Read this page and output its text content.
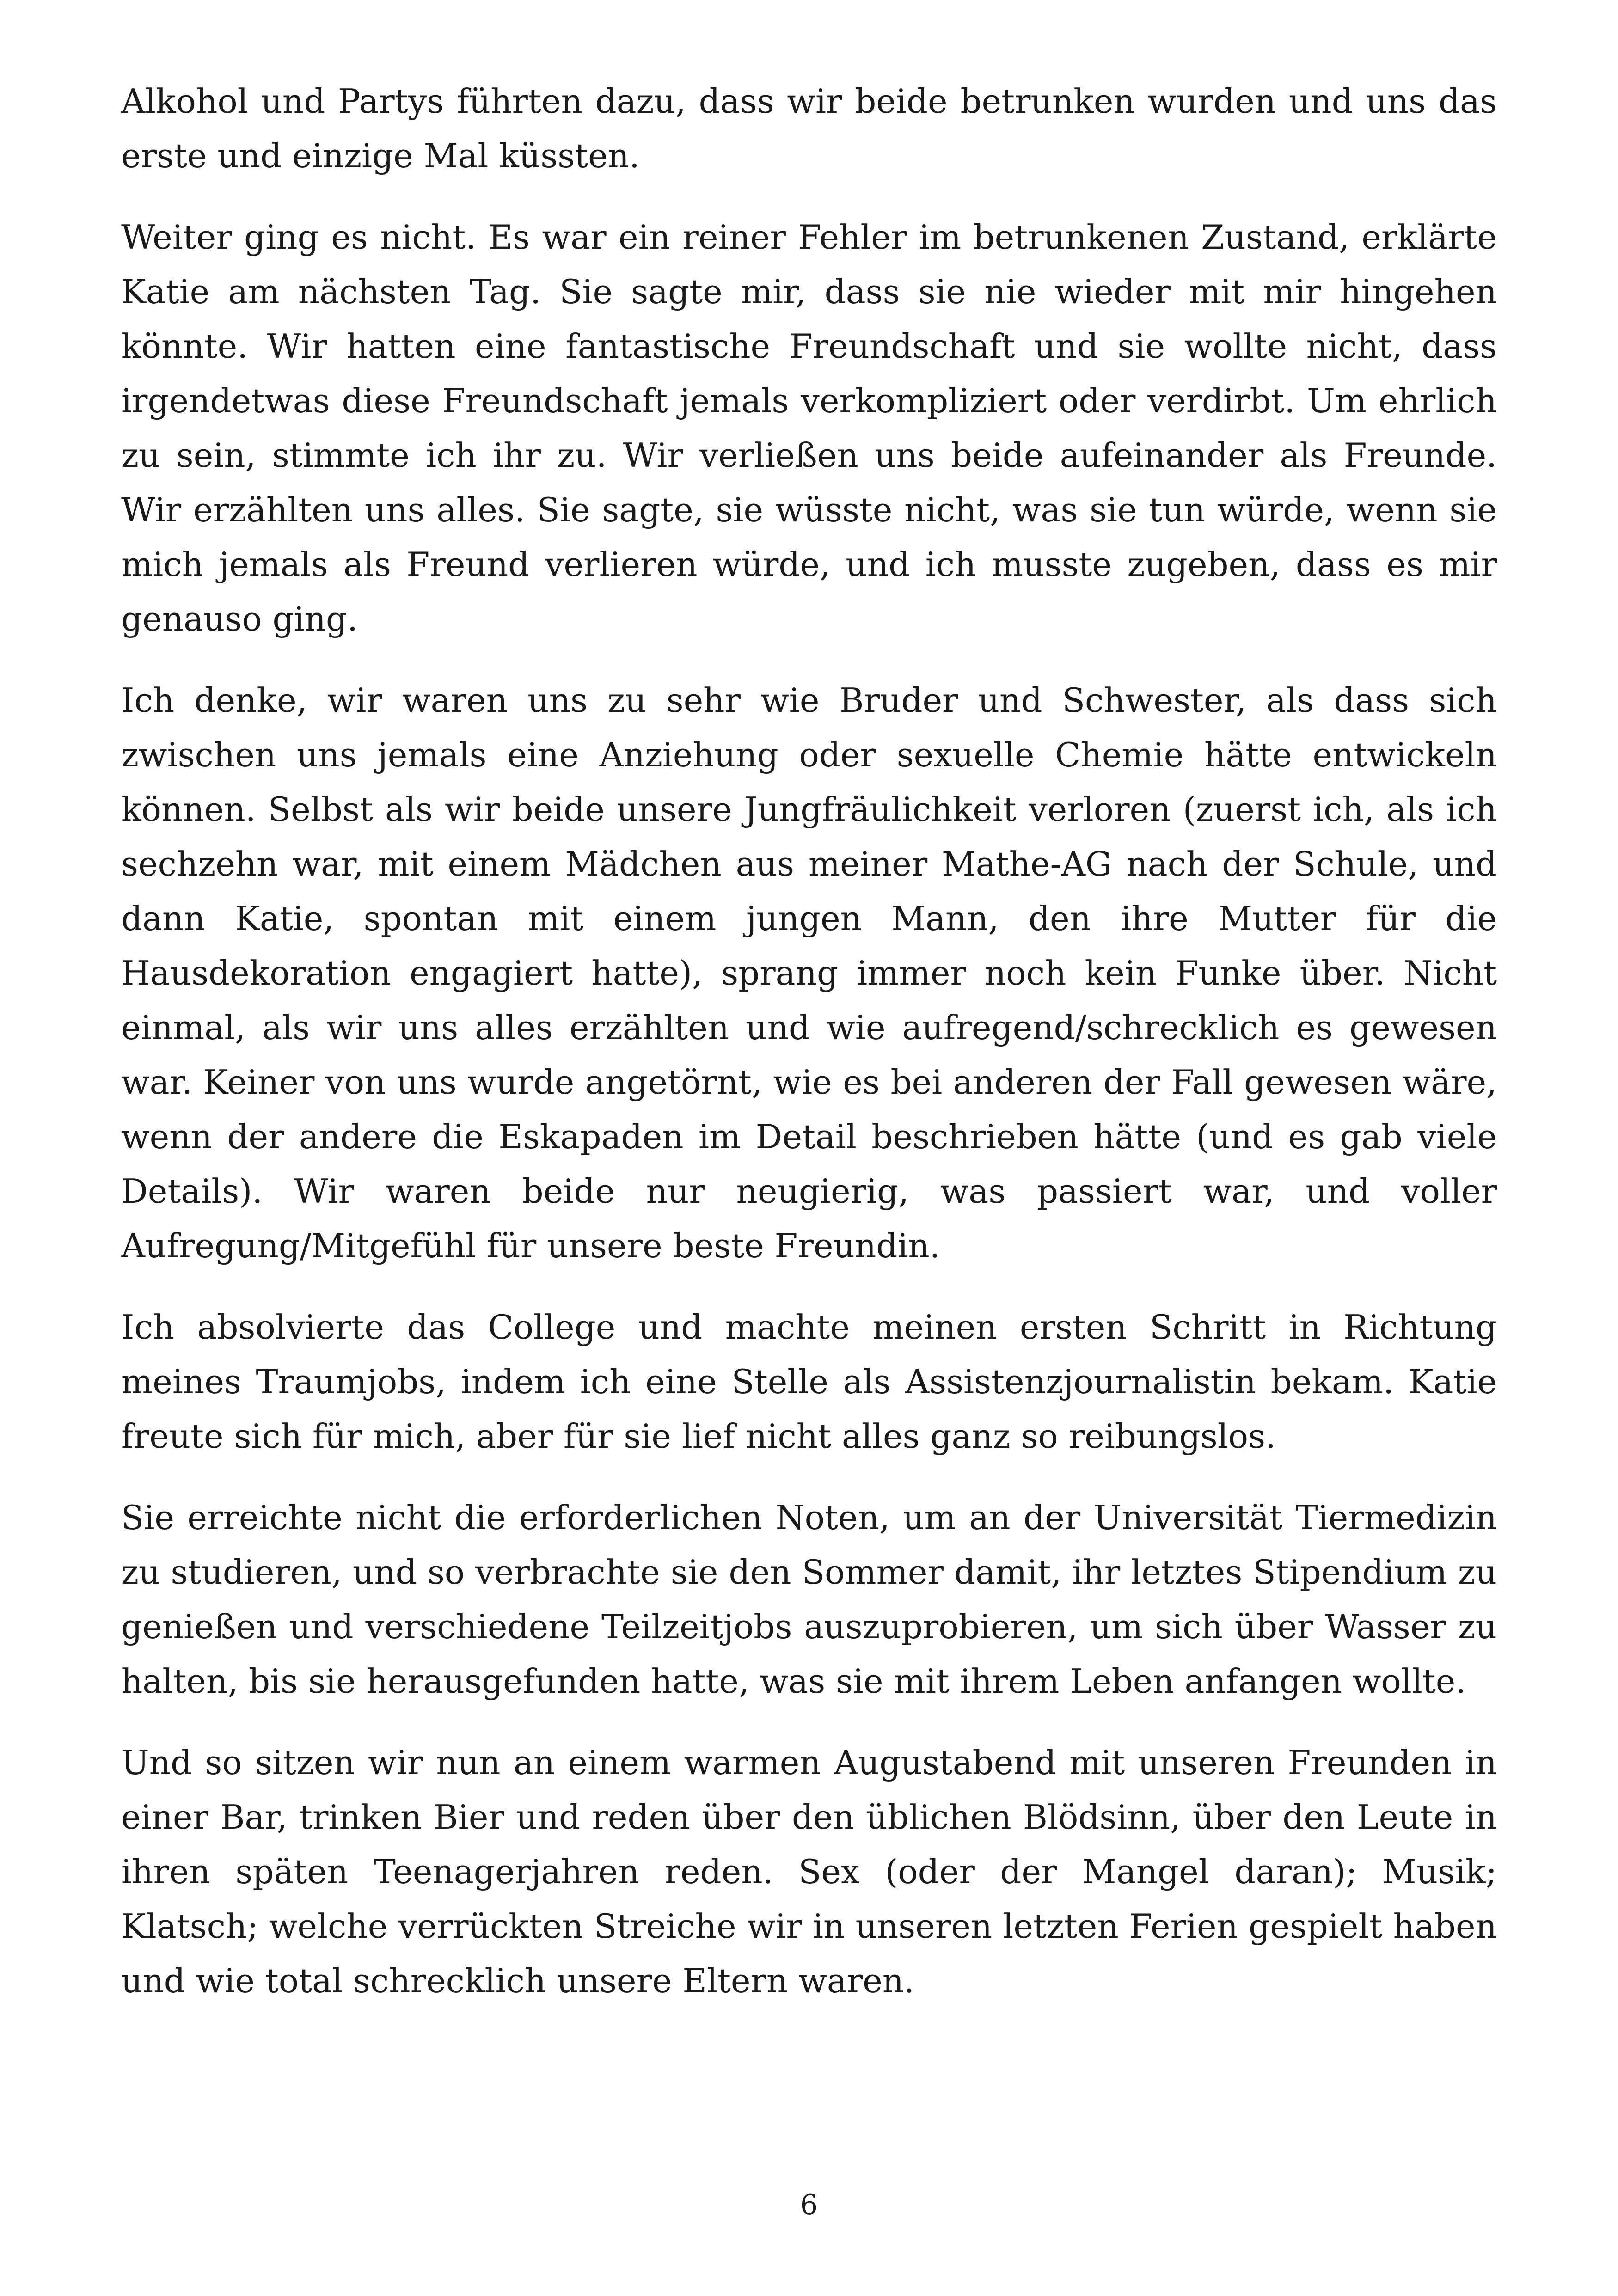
Alkohol und Partys führten dazu, dass wir beide betrunken wurden und uns das erste und einzige Mal küssten.

Weiter ging es nicht. Es war ein reiner Fehler im betrunkenen Zustand, erklärte Katie am nächsten Tag. Sie sagte mir, dass sie nie wieder mit mir hingehen könnte. Wir hatten eine fantastische Freundschaft und sie wollte nicht, dass irgendetwas diese Freundschaft jemals verkompliziert oder verdirbt. Um ehrlich zu sein, stimmte ich ihr zu. Wir verließen uns beide aufeinander als Freunde. Wir erzählten uns alles. Sie sagte, sie wüsste nicht, was sie tun würde, wenn sie mich jemals als Freund verlieren würde, und ich musste zugeben, dass es mir genauso ging.

Ich denke, wir waren uns zu sehr wie Bruder und Schwester, als dass sich zwischen uns jemals eine Anziehung oder sexuelle Chemie hätte entwickeln können. Selbst als wir beide unsere Jungfräulichkeit verloren (zuerst ich, als ich sechzehn war, mit einem Mädchen aus meiner Mathe-AG nach der Schule, und dann Katie, spontan mit einem jungen Mann, den ihre Mutter für die Hausdekoration engagiert hatte), sprang immer noch kein Funke über. Nicht einmal, als wir uns alles erzählten und wie aufregend/schrecklich es gewesen war. Keiner von uns wurde angetörnt, wie es bei anderen der Fall gewesen wäre, wenn der andere die Eskapaden im Detail beschrieben hätte (und es gab viele Details). Wir waren beide nur neugierig, was passiert war, und voller Aufregung/Mitgefühl für unsere beste Freundin.

Ich absolvierte das College und machte meinen ersten Schritt in Richtung meines Traumjobs, indem ich eine Stelle als Assistenzjournalistin bekam. Katie freute sich für mich, aber für sie lief nicht alles ganz so reibungslos.

Sie erreichte nicht die erforderlichen Noten, um an der Universität Tiermedizin zu studieren, und so verbrachte sie den Sommer damit, ihr letztes Stipendium zu genießen und verschiedene Teilzeitjobs auszuprobieren, um sich über Wasser zu halten, bis sie herausgefunden hatte, was sie mit ihrem Leben anfangen wollte.

Und so sitzen wir nun an einem warmen Augustabend mit unseren Freunden in einer Bar, trinken Bier und reden über den üblichen Blödsinn, über den Leute in ihren späten Teenagerjahren reden. Sex (oder der Mangel daran); Musik; Klatsch; welche verrückten Streiche wir in unseren letzten Ferien gespielt haben und wie total schrecklich unsere Eltern waren.

6
